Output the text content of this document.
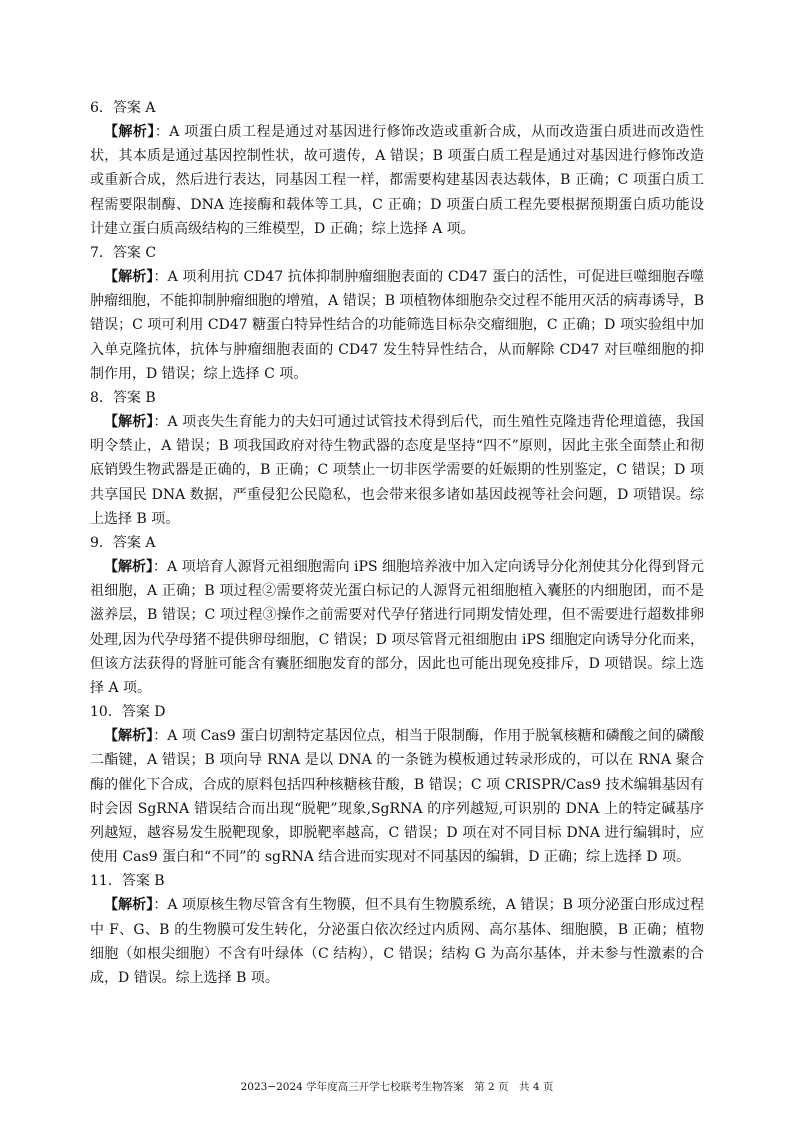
6．答案 A

【解析】：A 项蛋白质工程是通过对基因进行修饰改造或重新合成，从而改造蛋白质进而改造性状，其本质是通过基因控制性状，故可遗传，A 错误；B 项蛋白质工程是通过对基因进行修饰改造或重新合成，然后进行表达，同基因工程一样，都需要构建基因表达载体，B 正确；C 项蛋白质工程需要限制酶、DNA 连接酶和载体等工具，C 正确；D 项蛋白质工程先要根据预期蛋白质功能设计建立蛋白质高级结构的三维模型，D 正确；综上选择 A 项。

7．答案 C

【解析】：A 项利用抗 CD47 抗体抑制肿瘤细胞表面的 CD47 蛋白的活性，可促进巨噬细胞吞噬肿瘤细胞，不能抑制肿瘤细胞的增殖，A 错误；B 项植物体细胞杂交过程不能用灭活的病毒诱导，B 错误；C 项可利用 CD47 糖蛋白特异性结合的功能筛选目标杂交瘤细胞，C 正确；D 项实验组中加入单克隆抗体，抗体与肿瘤细胞表面的 CD47 发生特异性结合，从而解除 CD47 对巨噬细胞的抑制作用，D 错误；综上选择 C 项。

8．答案 B

【解析】：A 项丧失生育能力的夫妇可通过试管技术得到后代，而生殖性克隆违背伦理道德，我国明令禁止，A 错误；B 项我国政府对待生物武器的态度是坚持“四不”原则，因此主张全面禁止和彻底销毁生物武器是正确的，B 正确；C 项禁止一切非医学需要的妊娠期的性别鉴定，C 错误；D 项共享国民 DNA 数据，严重侵犯公民隐私，也会带来很多诸如基因歧视等社会问题，D 项错误。综上选择 B 项。

9．答案 A

【解析】：A 项培育人源肾元祖细胞需向 iPS 细胞培养液中加入定向诱导分化剂使其分化得到肾元祖细胞，A 正确；B 项过程②需要将荧光蛋白标记的人源肾元祖细胞植入囊胚的内细胞团，而不是滋养层，B 错误；C 项过程③操作之前需要对代孕仔猪进行同期发情处理，但不需要进行超数排卵处理,因为代孕母猪不提供卵母细胞，C 错误；D 项尽管肾元祖细胞由 iPS 细胞定向诱导分化而来，但该方法获得的肾脏可能含有囊胚细胞发育的部分，因此也可能出现免疫排斥，D 项错误。综上选择 A 项。

10．答案 D

【解析】：A 项 Cas9 蛋白切割特定基因位点，相当于限制酶，作用于脱氧核糖和磷酸之间的磷酸二酯键，A 错误；B 项向导 RNA 是以 DNA 的一条链为模板通过转录形成的，可以在 RNA 聚合酶的催化下合成，合成的原料包括四种核糖核苷酸，B 错误；C 项 CRISPR/Cas9 技术编辑基因有时会因 SgRNA 错误结合而出现“脱靶”现象,SgRNA 的序列越短,可识别的 DNA 上的特定碱基序列越短，越容易发生脱靶现象，即脱靶率越高，C 错误；D 项在对不同目标 DNA 进行编辑时，应使用 Cas9 蛋白和“不同”的 sgRNA 结合进而实现对不同基因的编辑，D 正确；综上选择 D 项。

11．答案 B

【解析】：A 项原核生物尽管含有生物膜，但不具有生物膜系统，A 错误；B 项分泌蛋白形成过程中 F、G、B 的生物膜可发生转化，分泌蛋白依次经过内质网、高尔基体、细胞膜，B 正确；植物细胞（如根尖细胞）不含有叶绿体（C 结构），C 错误；结构 G 为高尔基体，并未参与性激素的合成，D 错误。综上选择 B 项。

2023−2024 学年度高三开学七校联考生物答案　第 2 页　共 4 页
